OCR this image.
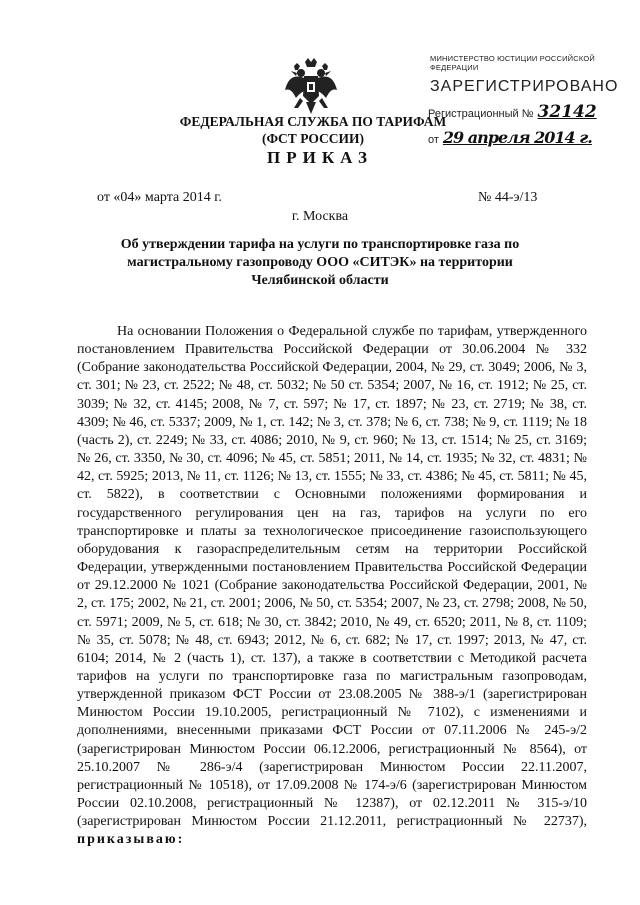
ФЕДЕРАЛЬНАЯ СЛУЖБА ПО ТАРИФАМ
(ФСТ РОССИИ)
МИНИСТЕРСТВО ЮСТИЦИИ РОССИЙСКОЙ ФЕДЕРАЦИИ
ЗАРЕГИСТРИРОВАНО
Регистрационный № 32142
от 29 апреля 2014 г.
ПРИКАЗ
от «04» марта 2014 г.	№ 44-э/13
г. Москва
Об утверждении тарифа на услуги по транспортировке газа по магистральному газопроводу ООО «СИТЭК» на территории Челябинской области

На основании Положения о Федеральной службе по тарифам, утвержденного постановлением Правительства Российской Федерации от 30.06.2004 № 332 (Собрание законодательства Российской Федерации, 2004, № 29, ст. 3049; 2006, № 3, ст. 301; № 23, ст. 2522; № 48, ст. 5032; № 50 ст. 5354; 2007, № 16, ст. 1912; № 25, ст. 3039; № 32, ст. 4145; 2008, № 7, ст. 597; № 17, ст. 1897; № 23, ст. 2719; № 38, ст. 4309; № 46, ст. 5337; 2009, № 1, ст. 142; № 3, ст. 378; № 6, ст. 738; № 9, ст. 1119; № 18 (часть 2), ст. 2249; № 33, ст. 4086; 2010, № 9, ст. 960; № 13, ст. 1514; № 25, ст. 3169; № 26, ст. 3350, № 30, ст. 4096; № 45, ст. 5851; 2011, № 14, ст. 1935; № 32, ст. 4831; № 42, ст. 5925; 2013, № 11, ст. 1126; № 13, ст. 1555; № 33, ст. 4386; № 45, ст. 5811; № 45, ст. 5822), в соответствии с Основными положениями формирования и государственного регулирования цен на газ, тарифов на услуги по его транспортировке и платы за технологическое присоединение газоиспользующего оборудования к газораспределительным сетям на территории Российской Федерации, утвержденными постановлением Правительства Российской Федерации от 29.12.2000 № 1021 (Собрание законодательства Российской Федерации, 2001, № 2, ст. 175; 2002, № 21, ст. 2001; 2006, № 50, ст. 5354; 2007, № 23, ст. 2798; 2008, № 50, ст. 5971; 2009, № 5, ст. 618; № 30, ст. 3842; 2010, № 49, ст. 6520; 2011, № 8, ст. 1109; № 35, ст. 5078; № 48, ст. 6943; 2012, № 6, ст. 682; № 17, ст. 1997; 2013, № 47, ст. 6104; 2014, № 2 (часть 1), ст. 137), а также в соответствии с Методикой расчета тарифов на услуги по транспортировке газа по магистральным газопроводам, утвержденной приказом ФСТ России от 23.08.2005 № 388-э/1 (зарегистрирован Минюстом России 19.10.2005, регистрационный № 7102), с изменениями и дополнениями, внесенными приказами ФСТ России от 07.11.2006 № 245-э/2 (зарегистрирован Минюстом России 06.12.2006, регистрационный № 8564), от 25.10.2007 № 286-э/4 (зарегистрирован Минюстом России 22.11.2007, регистрационный № 10518), от 17.09.2008 № 174-э/6 (зарегистрирован Минюстом России 02.10.2008, регистрационный № 12387), от 02.12.2011 № 315-э/10 (зарегистрирован Минюстом России 21.12.2011, регистрационный № 22737), приказываю:
